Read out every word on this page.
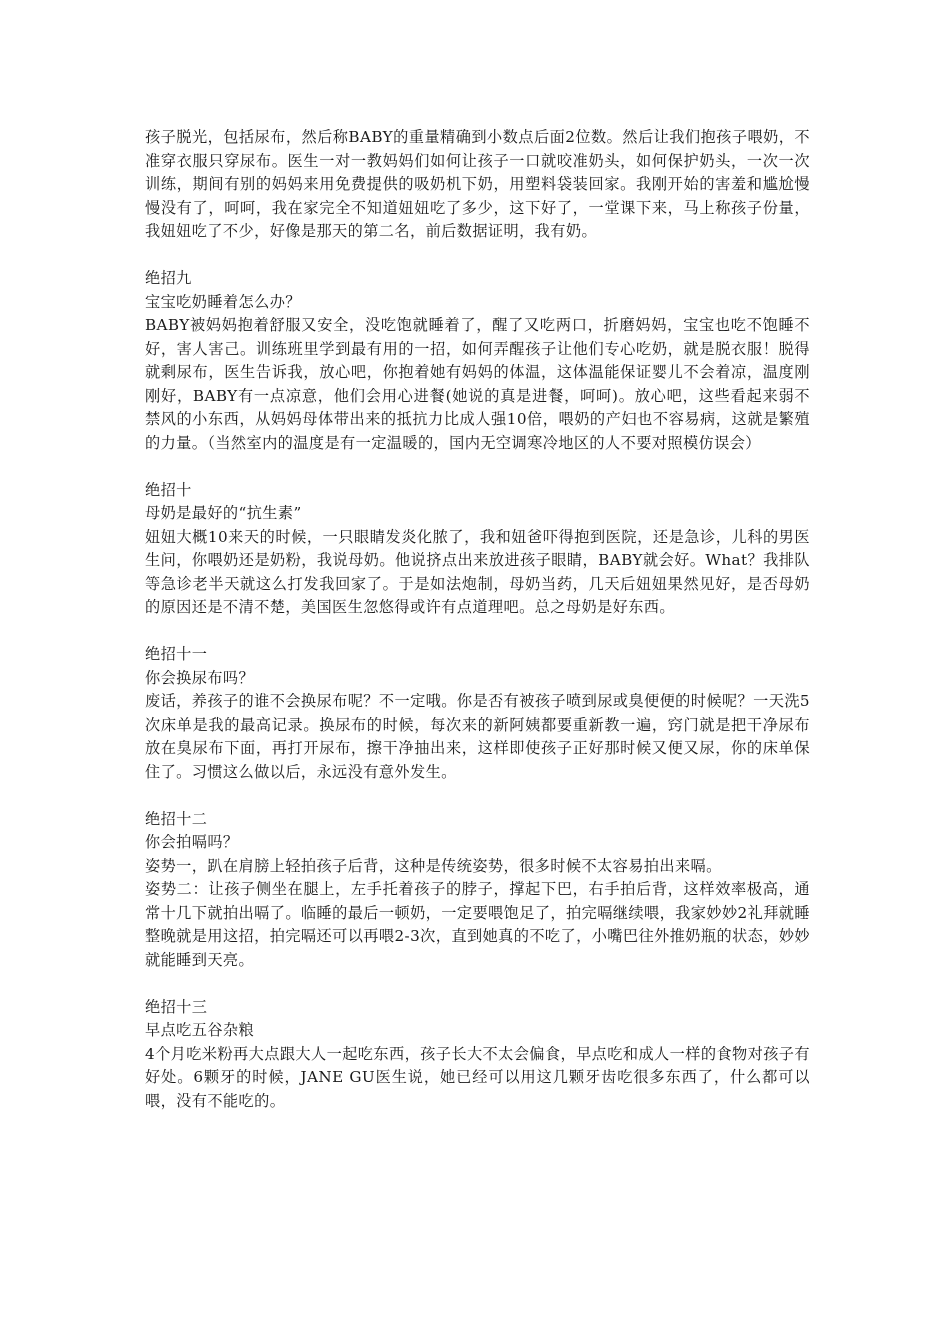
孩子脱光，包括尿布，然后称BABY的重量精确到小数点后面2位数。然后让我们抱孩子喂奶，不准穿衣服只穿尿布。医生一对一教妈妈们如何让孩子一口就咬准奶头，如何保护奶头，一次一次训练，期间有别的妈妈来用免费提供的吸奶机下奶，用塑料袋装回家。我刚开始的害羞和尴尬慢慢没有了，呵呵，我在家完全不知道妞妞吃了多少，这下好了，一堂课下来，马上称孩子份量，我妞妞吃了不少，好像是那天的第二名，前后数据证明，我有奶。

绝招九

宝宝吃奶睡着怎么办？

BABY被妈妈抱着舒服又安全，没吃饱就睡着了，醒了又吃两口，折磨妈妈，宝宝也吃不饱睡不好，害人害己。训练班里学到最有用的一招，如何弄醒孩子让他们专心吃奶，就是脱衣服！脱得就剩尿布，医生告诉我，放心吧，你抱着她有妈妈的体温，这体温能保证婴儿不会着凉，温度刚刚好，BABY有一点凉意，他们会用心进餐(她说的真是进餐，呵呵)。放心吧，这些看起来弱不禁风的小东西，从妈妈母体带出来的抵抗力比成人强10倍，喂奶的产妇也不容易病，这就是繁殖的力量。（当然室内的温度是有一定温暖的，国内无空调寒冷地区的人不要对照模仿误会）

绝招十

母奶是最好的“抗生素”

妞妞大概10来天的时候，一只眼睛发炎化脓了，我和妞爸吓得抱到医院，还是急诊，儿科的男医生问，你喂奶还是奶粉，我说母奶。他说挤点出来放进孩子眼睛，BABY就会好。What？我排队等急诊老半天就这么打发我回家了。于是如法炮制，母奶当药，几天后妞妞果然见好，是否母奶的原因还是不清不楚，美国医生忽悠得或许有点道理吧。总之母奶是好东西。

绝招十一

你会换尿布吗？

废话，养孩子的谁不会换尿布呢？不一定哦。你是否有被孩子喷到尿或臭便便的时候呢？一天洗5次床单是我的最高记录。换尿布的时候，每次来的新阿姨都要重新教一遍，窍门就是把干净尿布放在臭尿布下面，再打开尿布，擦干净抽出来，这样即使孩子正好那时候又便又尿，你的床单保住了。习惯这么做以后，永远没有意外发生。

绝招十二

你会拍嗝吗？

姿势一，趴在肩膀上轻拍孩子后背，这种是传统姿势，很多时候不太容易拍出来嗝。

姿势二：让孩子侧坐在腿上，左手托着孩子的脖子，撑起下巴，右手拍后背，这样效率极高，通常十几下就拍出嗝了。临睡的最后一顿奶，一定要喂饱足了，拍完嗝继续喂，我家妙妙2礼拜就睡整晚就是用这招，拍完嗝还可以再喂2-3次，直到她真的不吃了，小嘴巴往外推奶瓶的状态，妙妙就能睡到天亮。

绝招十三

早点吃五谷杂粮

4个月吃米粉再大点跟大人一起吃东西，孩子长大不太会偏食，早点吃和成人一样的食物对孩子有好处。6颗牙的时候，JANE GU医生说，她已经可以用这几颗牙齿吃很多东西了，什么都可以喂，没有不能吃的。
